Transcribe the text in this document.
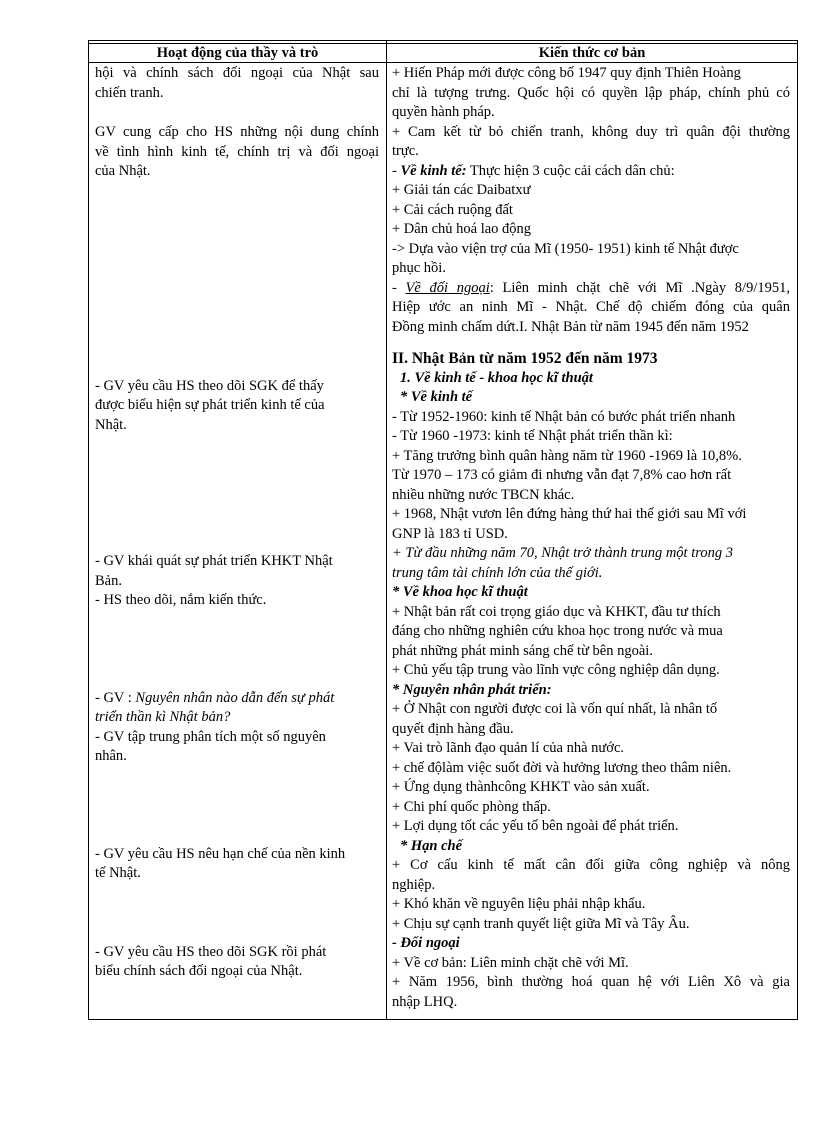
Hoạt động của thầy và trò	Kiến thức cơ bản

hội và chính sách đối ngoại của Nhật sau

chiến tranh.

GV cung cấp cho HS những nội dung chính

về tình hình kinh tế, chính trị và đối ngoại

của Nhật.

- GV yêu cầu HS theo dõi SGK để thấy

được biểu hiện sự phát triển kinh tế của

Nhật.

- GV khái quát sự phát triển KHKT Nhật

Bản.

- HS theo dõi, nắm kiến thức.

- GV : Nguyên nhân nào dẫn đến sự phát

triển thần kì Nhật bản?

- GV tập trung phân tích một số nguyên

nhân.

- GV yêu cầu HS nêu hạn chế của nền kinh

tế Nhật.

- GV yêu cầu HS theo dõi SGK rồi phát

biểu chính sách đối ngoại của Nhật.

+ Hiến Pháp mới được công bố 1947 quy định Thiên Hoàng

chỉ là tượng trưng. Quốc hội có quyền lập pháp, chính phủ có

quyền hành pháp.

+ Cam kết từ bỏ chiến tranh, không duy trì quân đội thường

trực.

- Về kinh tế: Thực hiện 3 cuộc cải cách dân chủ:

+ Giải tán các Daibatxư

+ Cải cách ruộng đất

+ Dân chủ hoá lao động

-> Dựa vào viện trợ của Mĩ (1950- 1951) kinh tế Nhật được

phục hồi.

- Về đối ngoại: Liên minh chặt chẽ với Mĩ .Ngày 8/9/1951,

Hiệp ước an ninh Mĩ - Nhật. Chế độ chiếm đóng của quân

Đồng minh chấm dứt.I. Nhật Bản từ năm 1945 đến năm 1952

II. Nhật Bản từ năm 1952 đến năm 1973

1. Về kinh tế - khoa học kĩ thuật

* Về kinh tế

- Từ 1952-1960: kinh tế Nhật bản có bước phát triển nhanh

- Từ 1960 -1973: kinh tế Nhật phát triển thần kì:

+ Tăng trưởng bình quân hàng năm từ 1960 -1969 là 10,8%.

Từ 1970 – 173 có giảm đi nhưng vẫn đạt 7,8% cao hơn rất

nhiều những nước TBCN khác.

+ 1968, Nhật vươn lên đứng hàng thứ hai thế giới sau Mĩ với

GNP là 183 tỉ USD.

+ Từ đầu những năm 70, Nhật trở thành trung một trong 3

trung tâm tài chính lớn của thế giới.

* Về khoa học kĩ thuật

+ Nhật bản rất coi trọng giáo dục và KHKT, đầu tư thích

đáng cho những nghiên cứu khoa học trong nước và mua

phát những phát minh sáng chế từ bên ngoài.

+ Chủ yếu tập trung vào lĩnh vực công nghiệp dân dụng.

* Nguyên nhân phát triển:

+ Ở Nhật con người được coi là vốn quí nhất, là nhân tố

quyết định hàng đầu.

+ Vai trò lãnh đạo quản lí của nhà nước.

+ chế độlàm việc suốt đời và hưởng lương theo thâm niên.

+ Ứng dụng thànhcông KHKT vào sản xuất.

+ Chi phí quốc phòng thấp.

+ Lợi dụng tốt các yếu tố bên ngoài để phát triển.

* Hạn chế

+ Cơ cấu kinh tế mất cân đối giữa công nghiệp và nông

nghiệp.

+ Khó khăn về nguyên liệu phải nhập khẩu.

+ Chịu sự cạnh tranh quyết liệt giữa Mĩ và Tây Âu.

- Đối ngoại

+ Về cơ bản: Liên minh chặt chẽ với Mĩ.

+ Năm 1956, bình thường hoá quan hệ với Liên Xô và gia

nhập LHQ.
